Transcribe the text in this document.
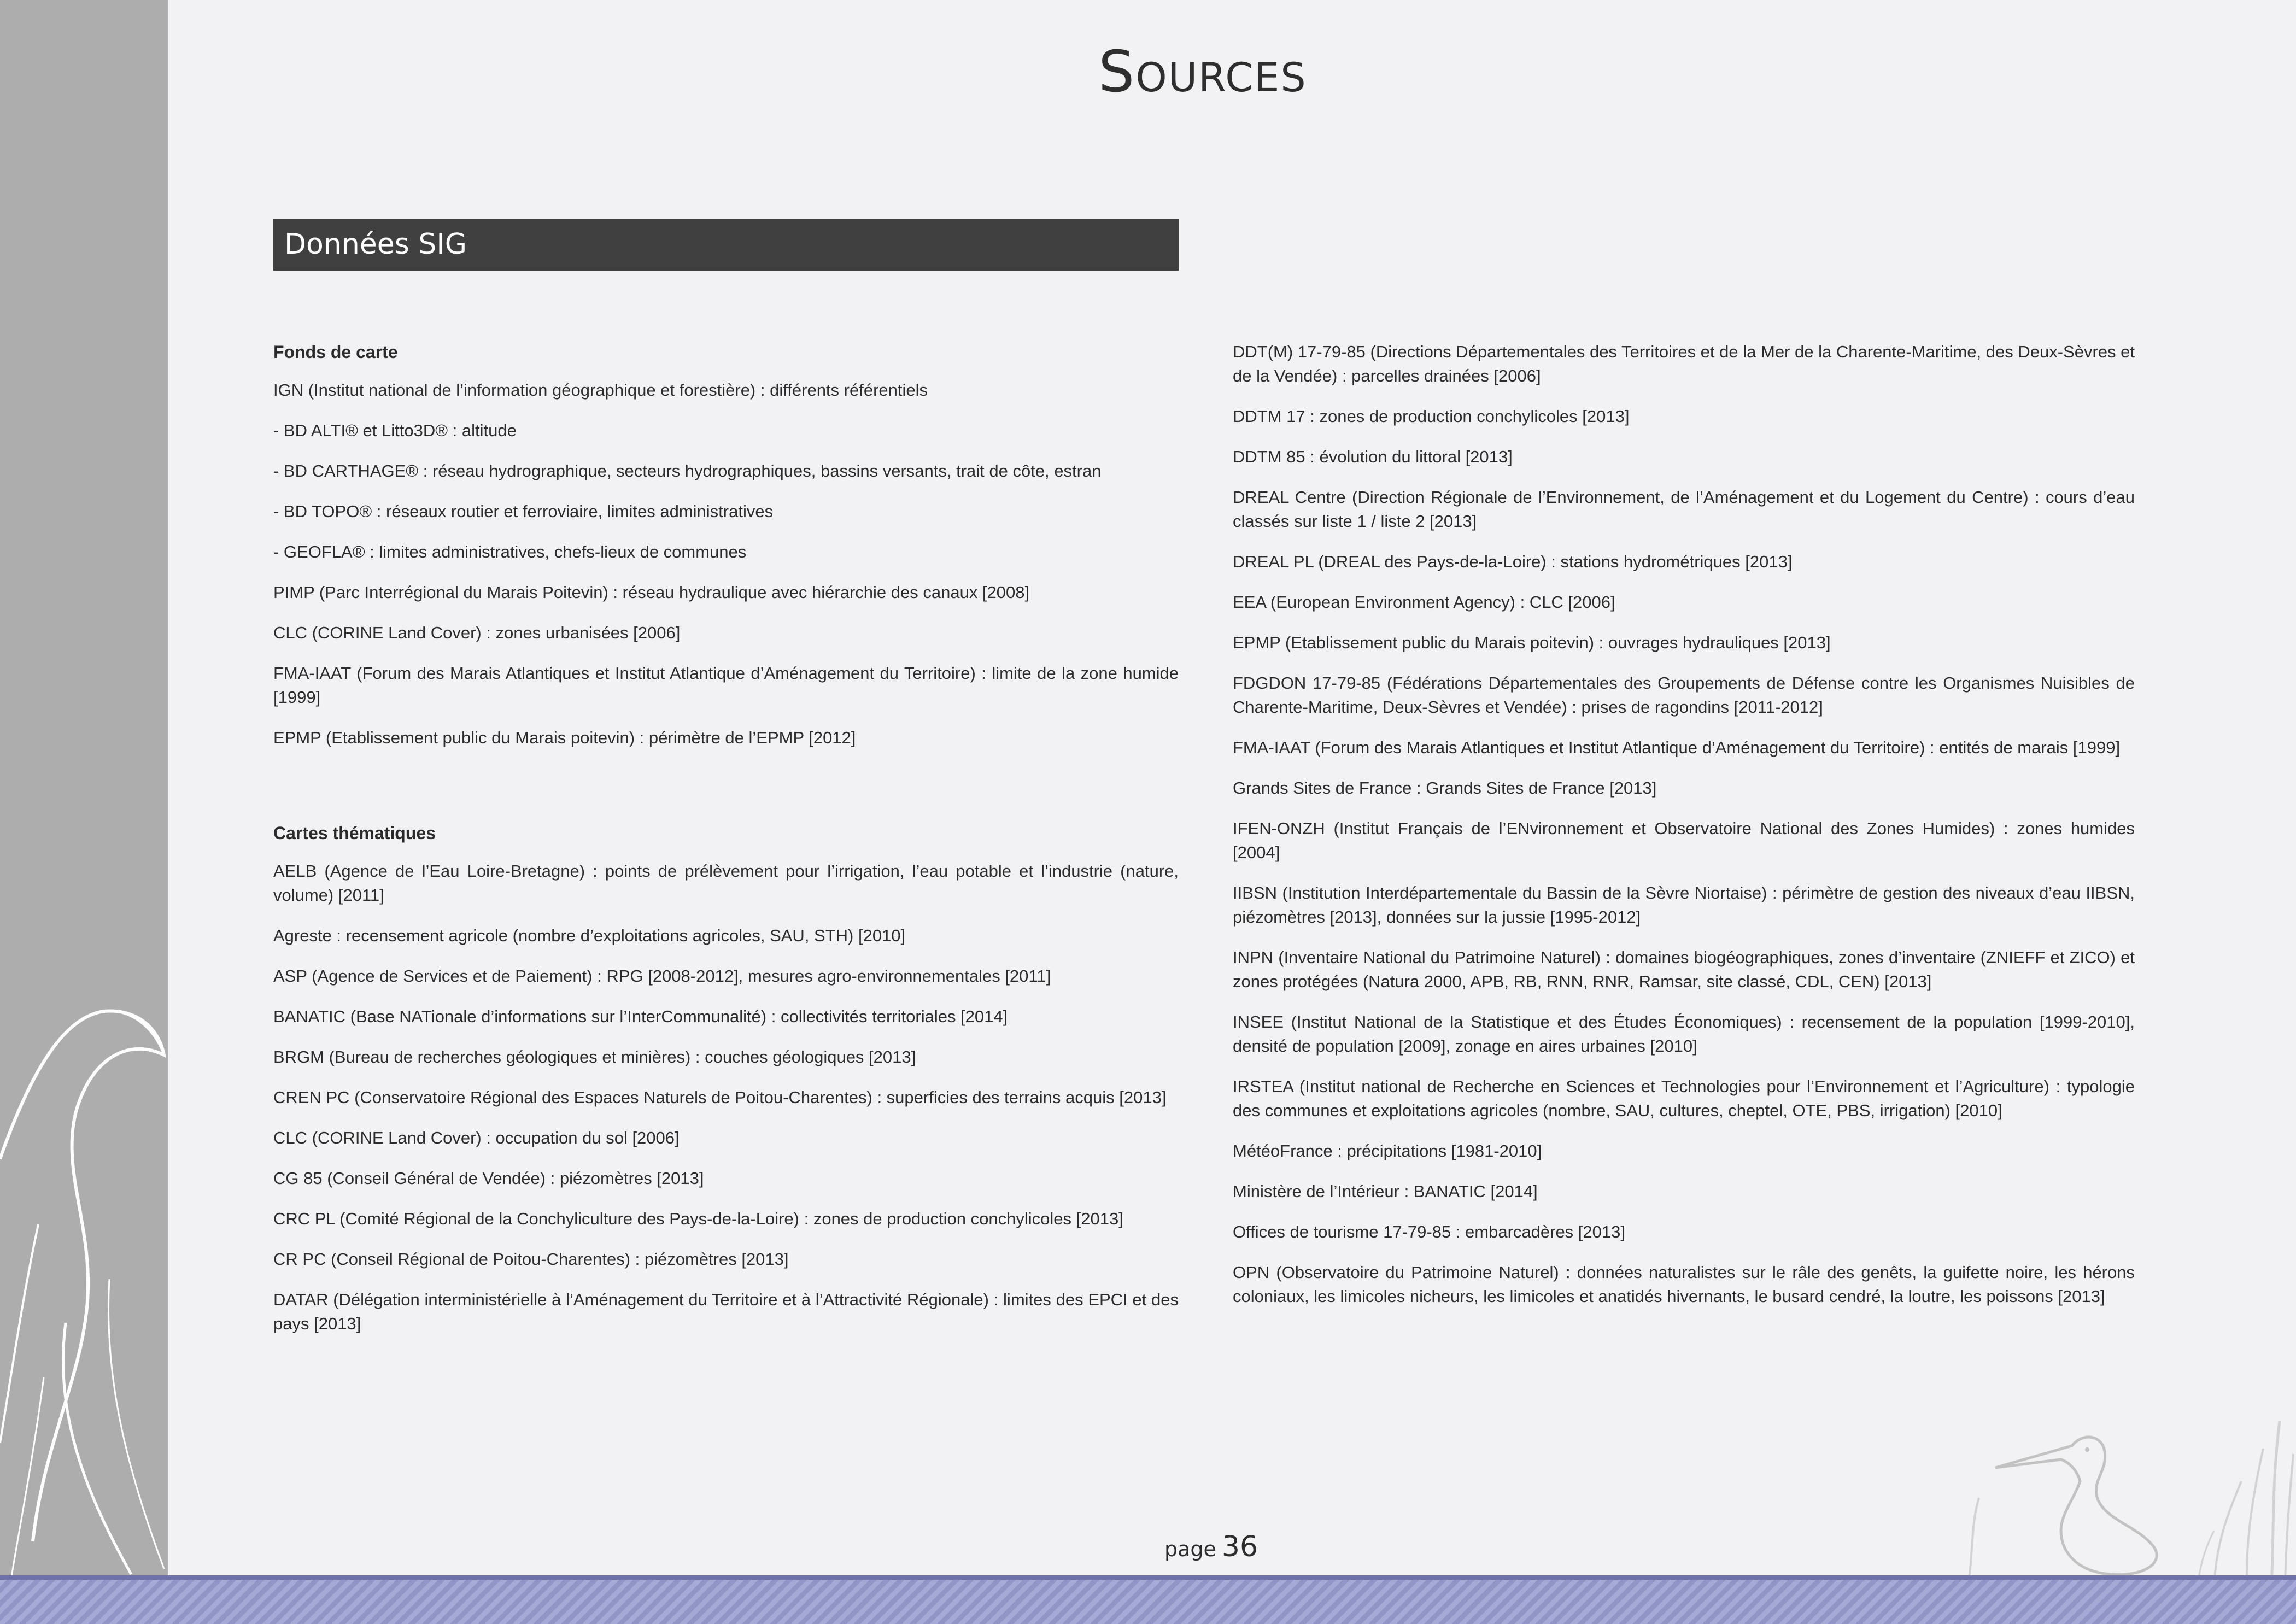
Sources
Données SIG
Fonds de carte

IGN (Institut national de l’information géographique et forestière) : différents référentiels

- BD ALTI® et Litto3D® : altitude

- BD CARTHAGE® : réseau hydrographique, secteurs hydrographiques, bassins versants, trait de côte, estran

- BD TOPO® : réseaux routier et ferroviaire, limites administratives

- GEOFLA® : limites administratives, chefs-lieux de communes

PIMP (Parc Interrégional du Marais Poitevin) : réseau hydraulique avec hiérarchie des canaux [2008]

CLC (CORINE Land Cover) : zones urbanisées [2006]

FMA-IAAT (Forum des Marais Atlantiques et Institut Atlantique d’Aménagement du Territoire) : limite de la zone humide [1999]

EPMP (Etablissement public du Marais poitevin) : périmètre de l’EPMP [2012]

Cartes thématiques

AELB (Agence de l’Eau Loire-Bretagne) : points de prélèvement pour l’irrigation, l’eau potable et l’industrie (nature, volume) [2011]

Agreste : recensement agricole (nombre d’exploitations agricoles, SAU, STH) [2010]

ASP (Agence de Services et de Paiement) : RPG [2008-2012], mesures agro-environnementales [2011]

BANATIC (Base NATionale d’informations sur l’InterCommunalité) : collectivités territoriales [2014]

BRGM (Bureau de recherches géologiques et minières) : couches géologiques [2013]

CREN PC (Conservatoire Régional des Espaces Naturels de Poitou-Charentes) : superficies des terrains acquis [2013]

CLC (CORINE Land Cover) : occupation du sol [2006]

CG 85 (Conseil Général de Vendée) : piézomètres [2013]

CRC PL (Comité Régional de la Conchyliculture des Pays-de-la-Loire) : zones de production conchylicoles [2013]

CR PC (Conseil Régional de Poitou-Charentes) : piézomètres [2013]

DATAR (Délégation interministérielle à l’Aménagement du Territoire et à l’Attractivité Régionale) : limites des EPCI et des pays [2013]

DDT(M) 17-79-85 (Directions Départementales des Territoires et de la Mer de la Charente-Maritime, des Deux-Sèvres et de la Vendée) : parcelles drainées [2006]

DDTM 17 : zones de production conchylicoles [2013]

DDTM 85 : évolution du littoral [2013]

DREAL Centre (Direction Régionale de l’Environnement, de l’Aménagement et du Logement du Centre) : cours d’eau classés sur liste 1 / liste 2 [2013]

DREAL PL (DREAL des Pays-de-la-Loire) : stations hydrométriques [2013]

EEA (European Environment Agency) : CLC [2006]

EPMP (Etablissement public du Marais poitevin) : ouvrages hydrauliques [2013]

FDGDON 17-79-85 (Fédérations Départementales des Groupements de Défense contre les Organismes Nuisibles de Charente-Maritime, Deux-Sèvres et Vendée) : prises de ragondins [2011-2012]

FMA-IAAT (Forum des Marais Atlantiques et Institut Atlantique d’Aménagement du Territoire) : entités de marais [1999]

Grands Sites de France : Grands Sites de France [2013]

IFEN-ONZH (Institut Français de l’ENvironnement et Observatoire National des Zones Humides) : zones humides [2004]

IIBSN (Institution Interdépartementale du Bassin de la Sèvre Niortaise) : périmètre de gestion des niveaux d’eau IIBSN, piézomètres [2013], données sur la jussie [1995-2012]

INPN (Inventaire National du Patrimoine Naturel) : domaines biogéographiques, zones d’inventaire (ZNIEFF et ZICO) et zones protégées (Natura 2000, APB, RB, RNN, RNR, Ramsar, site classé, CDL, CEN) [2013]

INSEE (Institut National de la Statistique et des Études Économiques) : recensement de la population [1999-2010], densité de population [2009], zonage en aires urbaines [2010]

IRSTEA (Institut national de Recherche en Sciences et Technologies pour l’Environnement et l’Agriculture) : typologie des communes et exploitations agricoles (nombre, SAU, cultures, cheptel, OTE, PBS, irrigation) [2010]

MétéoFrance : précipitations [1981-2010]

Ministère de l’Intérieur : BANATIC [2014]

Offices de tourisme 17-79-85 : embarcadères [2013]

OPN (Observatoire du Patrimoine Naturel) : données naturalistes sur le râle des genêts, la guifette noire, les hérons coloniaux, les limicoles nicheurs, les limicoles et anatidés hivernants, le busard cendré, la loutre, les poissons [2013]

page 36
